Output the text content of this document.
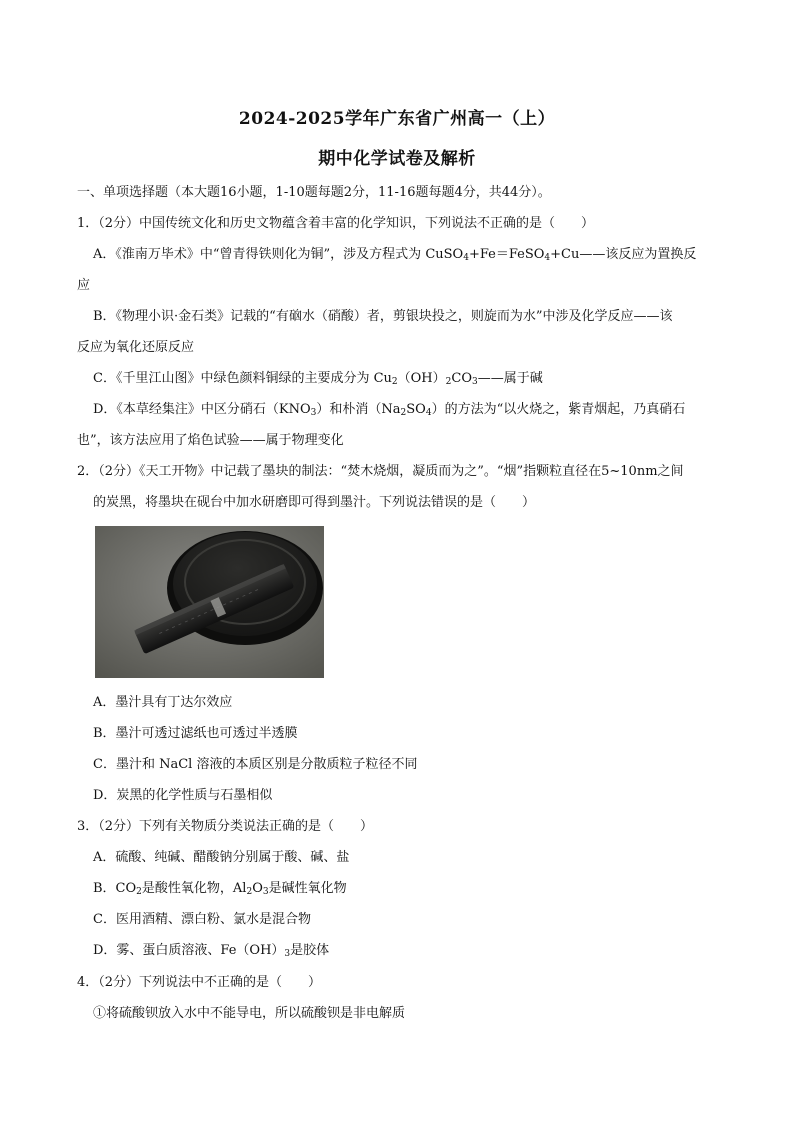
2024-2025学年广东省广州高一（上）
期中化学试卷及解析
一、单项选择题（本大题16小题，1-10题每题2分，11-16题每题4分，共44分）。
1．（2分）中国传统文化和历史文物蕴含着丰富的化学知识，下列说法不正确的是（　　）
A．《淮南万毕术》中“曾青得铁则化为铜”，涉及方程式为 CuSO$_4$+Fe＝FeSO$_4$+Cu——该反应为置换反
应
B．《物理小识·金石类》记载的“有硇水（硝酸）者，剪银块投之，则旋而为水”中涉及化学反应——该
反应为氧化还原反应
C．《千里江山图》中绿色颜料铜绿的主要成分为 $Cu_2(OH)_2CO_3——$属于碱
D．《本草经集注》中区分硝石$(KNO_3)$和朴消$(Na_2SO_4)$的方法为“以火烧之，紫青烟起，乃真硝石
也”，该方法应用了焰色试验——属于物理变化
2．（2分）《天工开物》中记载了墨块的制法：“焚木烧烟，凝质而为之”。“烟”指颗粒直径在5~10nm之间
的炭黑，将墨块在砚台中加水研磨即可得到墨汁。下列说法错误的是（　　）
A．墨汁具有丁达尔效应
B．墨汁可透过滤纸也可透过半透膜
C．墨汁和 NaCl 溶液的本质区别是分散质粒子粒径不同
D．炭黑的化学性质与石墨相似
3．（2分）下列有关物质分类说法正确的是（　　）
A．硫酸、纯碱、醋酸钠分别属于酸、碱、盐
B．$CO_2$是酸性氧化物，$Al_2O_3$是碱性氧化物
C．医用酒精、漂白粉、氯水是混合物
D．雾、蛋白质溶液、$Fe(OH)_3$是胶体
4．（2分）下列说法中不正确的是（　　）
①将硫酸钡放入水中不能导电，所以硫酸钡是非电解质
